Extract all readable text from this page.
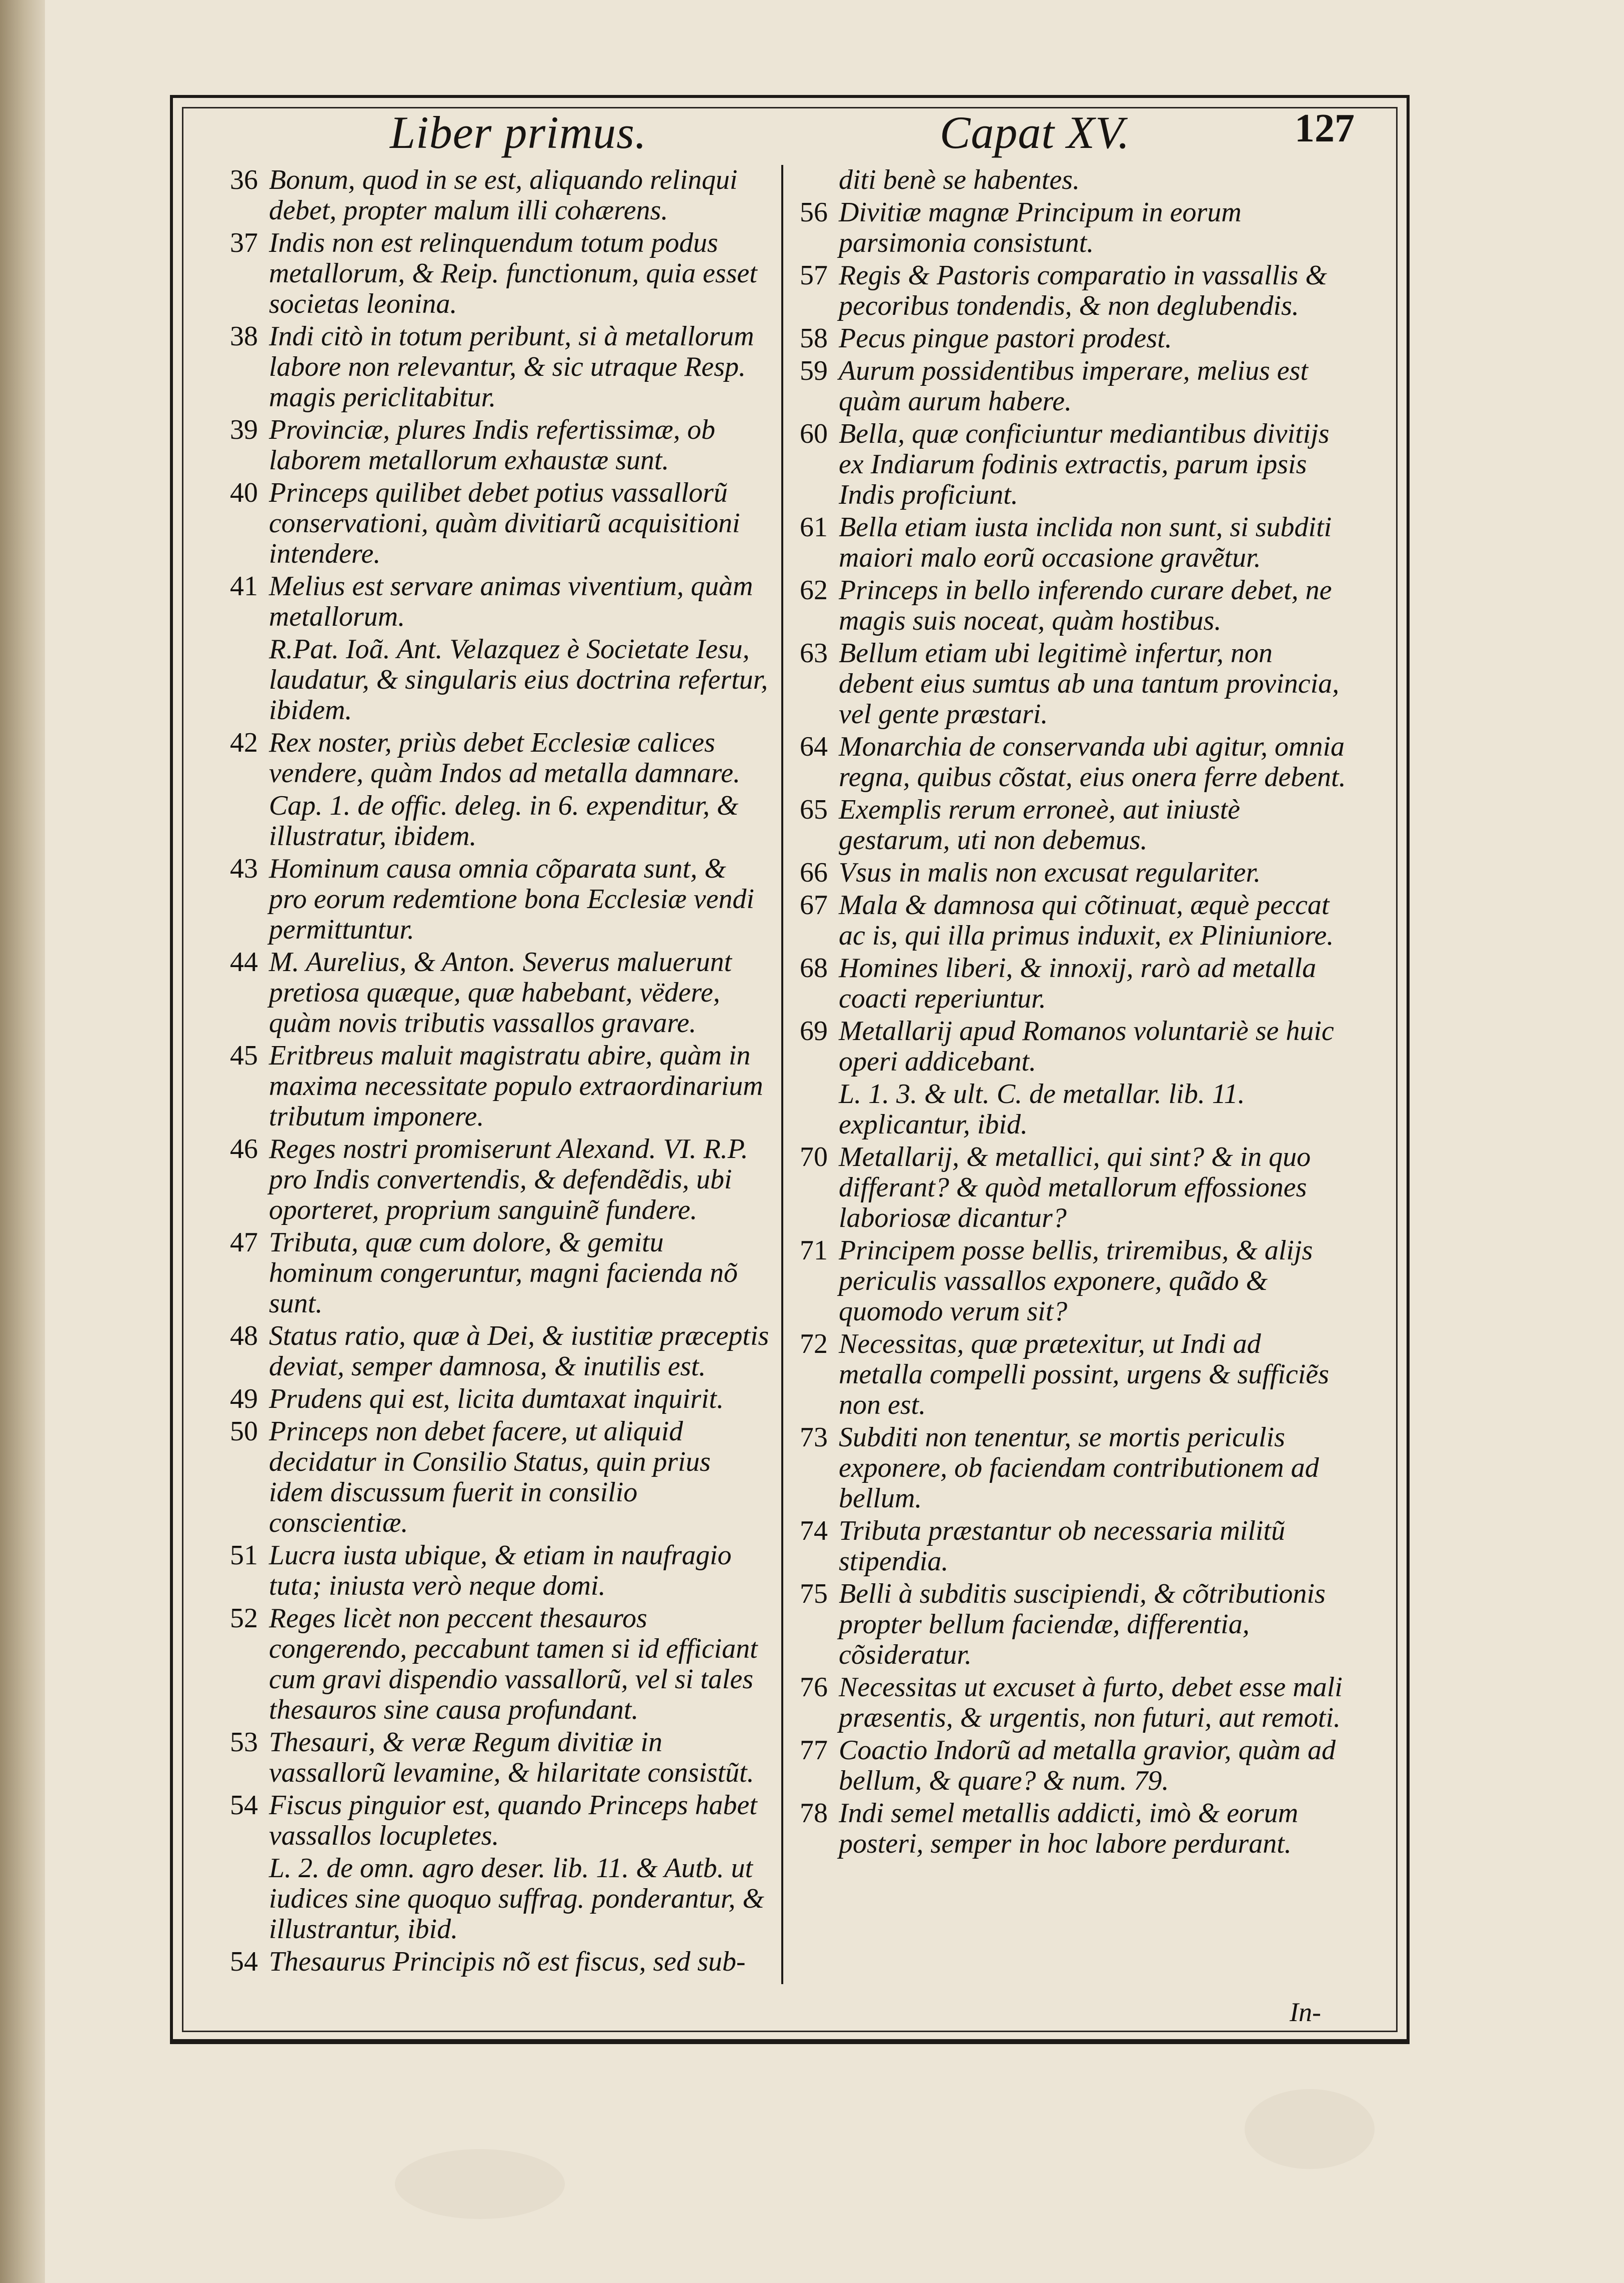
Liber primus.	Capat XV.	127

36 Bonum, quod in se est, aliquando relinqui debet, propter malum illi cohærens.

37 Indis non est relinquendum totum podus metallorum, & Reip. functionum, quia esset societas leonina.

38 Indi citò in totum peribunt, si à metallorum labore non relevantur, & sic utraque Resp. magis periclitabitur.

39 Provinciæ, plures Indis refertissimæ, ob laborem metallorum exhaustæ sunt.

40 Princeps quilibet debet potius vassallorũ conservationi, quàm divitiarũ acquisitioni intendere.

41 Melius est servare animas viventium, quàm metallorum.

R.Pat. Ioã. Ant. Velazquez è Societate Iesu, laudatur, & singularis eius doctrina refertur, ibidem.

42 Rex noster, priùs debet Ecclesiæ calices vendere, quàm Indos ad metalla damnare.

Cap. 1. de offic. deleg. in 6. expenditur, & illustratur, ibidem.

43 Hominum causa omnia cõparata sunt, & pro eorum redemtione bona Ecclesiæ vendi permittuntur.

44 M. Aurelius, & Anton. Severus maluerunt pretiosa quæque, quæ habebant, vëdere, quàm novis tributis vassallos gravare.

45 Eritbreus maluit magistratu abire, quàm in maxima necessitate populo extraordinarium tributum imponere.

46 Reges nostri promiserunt Alexand. VI. R.P. pro Indis convertendis, & defendẽdis, ubi oporteret, proprium sanguinẽ fundere.

47 Tributa, quæ cum dolore, & gemitu hominum congeruntur, magni facienda nõ sunt.

48 Status ratio, quæ à Dei, & iustitiæ præceptis deviat, semper damnosa, & inutilis est.

49 Prudens qui est, licita dumtaxat inquirit.

50 Princeps non debet facere, ut aliquid decidatur in Consilio Status, quin prius idem discussum fuerit in consilio conscientiæ.

51 Lucra iusta ubique, & etiam in naufragio tuta; iniusta verò neque domi.

52 Reges licèt non peccent thesauros congerendo, peccabunt tamen si id efficiant cum gravi dispendio vassallorũ, vel si tales thesauros sine causa profundant.

53 Thesauri, & veræ Regum divitiæ in vassallorũ levamine, & hilaritate consistũt.

54 Fiscus pinguior est, quando Princeps habet vassallos locupletes.

L. 2. de omn. agro deser. lib. 11. & Autb. ut iudices sine quoquo suffrag. ponderantur, & illustrantur, ibid.

54 Thesaurus Principis nõ est fiscus, sed sub-

diti benè se habentes.

56 Divitiæ magnæ Principum in eorum parsimonia consistunt.

57 Regis & Pastoris comparatio in vassallis & pecoribus tondendis, & non deglubendis.

58 Pecus pingue pastori prodest.

59 Aurum possidentibus imperare, melius est quàm aurum habere.

60 Bella, quæ conficiuntur mediantibus divitijs ex Indiarum fodinis extractis, parum ipsis Indis proficiunt.

61 Bella etiam iusta inclida non sunt, si subditi maiori malo eorũ occasione gravẽtur.

62 Princeps in bello inferendo curare debet, ne magis suis noceat, quàm hostibus.

63 Bellum etiam ubi legitimè infertur, non debent eius sumtus ab una tantum provincia, vel gente præstari.

64 Monarchia de conservanda ubi agitur, omnia regna, quibus cõstat, eius onera ferre debent.

65 Exemplis rerum erroneè, aut iniustè gestarum, uti non debemus.

66 Vsus in malis non excusat regulariter.

67 Mala & damnosa qui cõtinuat, æquè peccat ac is, qui illa primus induxit, ex Pliniuniore.

68 Homines liberi, & innoxij, rarò ad metalla coacti reperiuntur.

69 Metallarij apud Romanos voluntariè se huic operi addicebant.

L. 1. 3. & ult. C. de metallar. lib. 11. explicantur, ibid.

70 Metallarij, & metallici, qui sint? & in quo differant? & quòd metallorum effossiones laboriosæ dicantur?

71 Principem posse bellis, triremibus, & alijs periculis vassallos exponere, quãdo & quomodo verum sit?

72 Necessitas, quæ prætexitur, ut Indi ad metalla compelli possint, urgens & sufficiẽs non est.

73 Subditi non tenentur, se mortis periculis exponere, ob faciendam contributionem ad bellum.

74 Tributa præstantur ob necessaria militũ stipendia.

75 Belli à subditis suscipiendi, & cõtributionis propter bellum faciendæ, differentia, cõsideratur.

76 Necessitas ut excuset à furto, debet esse mali præsentis, & urgentis, non futuri, aut remoti.

77 Coactio Indorũ ad metalla gravior, quàm ad bellum, & quare? & num. 79.

78 Indi semel metallis addicti, imò & eorum posteri, semper in hoc labore perdurant.

In-
